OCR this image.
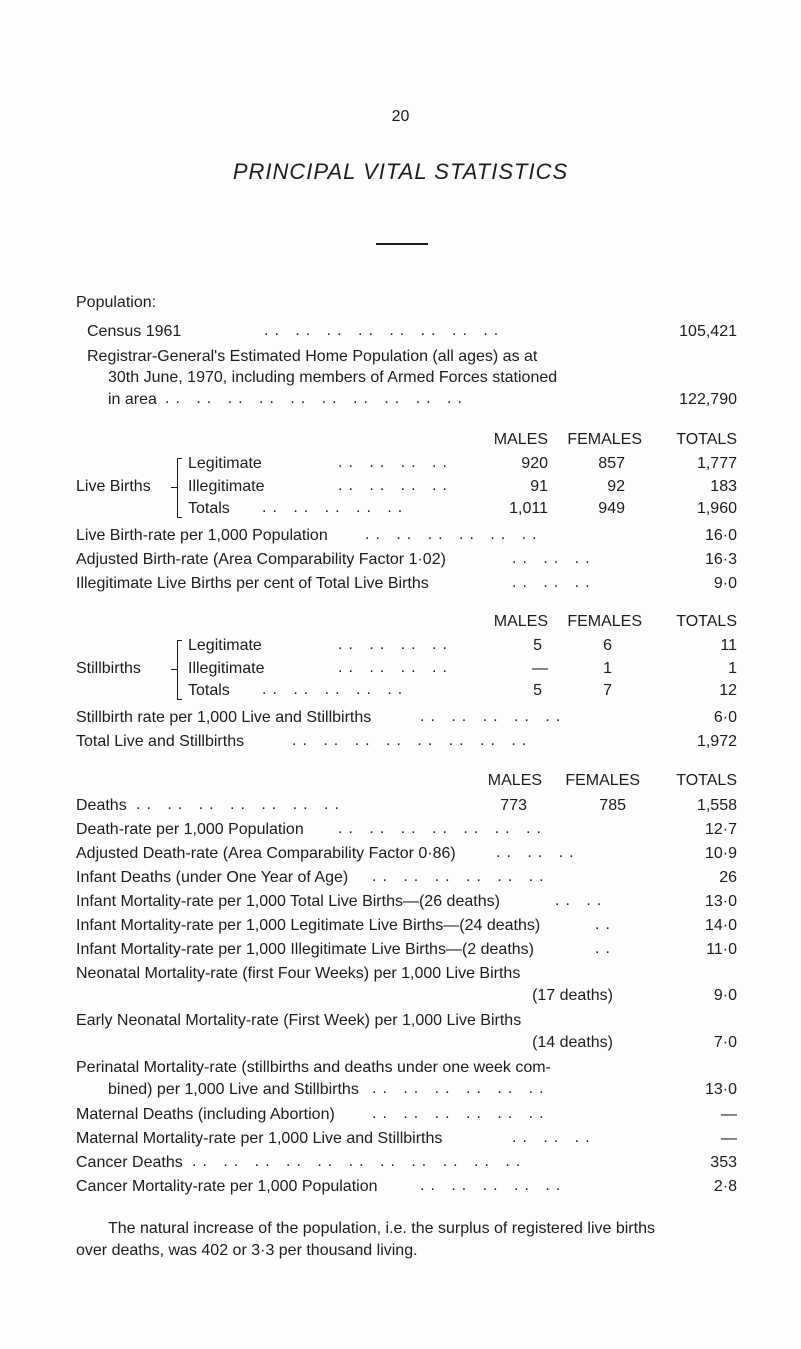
20
PRINCIPAL VITAL STATISTICS
Population:
Census 1961	.. .. .. .. .. .. .. ..	105,421
Registrar-General's Estimated Home Population (all ages) as at
30th June, 1970, including members of Armed Forces stationed
in area .. .. .. .. .. .. .. .. .. ..	122,790
MALES	FEMALES	TOTALS
Live Births
Legitimate	.. .. .. ..	920	857	1,777
Illegitimate	.. .. .. ..	91	92	183
Totals .. .. .. .. ..	1,011	949	1,960
Live Birth-rate per 1,000 Population .. .. .. .. .. ..	16·0
Adjusted Birth-rate (Area Comparability Factor 1·02)	.. .. ..	16·3
Illegitimate Live Births per cent of Total Live Births	.. .. ..	9·0
MALES	FEMALES	TOTALS
Stillbirths
Legitimate	.. .. .. ..	5	6	11
Illegitimate	.. .. .. ..	—	1	1
Totals .. .. .. .. ..	5	7	12
Stillbirth rate per 1,000 Live and Stillbirths	.. .. .. .. ..	6·0
Total Live and Stillbirths	.. .. .. .. .. .. .. ..	1,972
MALES	FEMALES	TOTALS
Deaths .. .. .. .. .. .. ..	773	785	1,558
Death-rate per 1,000 Population .. .. .. .. .. .. ..	12·7
Adjusted Death-rate (Area Comparability Factor 0·86)	.. .. ..	10·9
Infant Deaths (under One Year of Age) .. .. .. .. .. ..	26
Infant Mortality-rate per 1,000 Total Live Births—(26 deaths)	.. ..	13·0
Infant Mortality-rate per 1,000 Legitimate Live Births—(24 deaths)	..	14·0
Infant Mortality-rate per 1,000 Illegitimate Live Births—(2 deaths)	..	11·0
Neonatal Mortality-rate (first Four Weeks) per 1,000 Live Births
(17 deaths)	9·0
Early Neonatal Mortality-rate (First Week) per 1,000 Live Births
(14 deaths)	7·0
Perinatal Mortality-rate (stillbirths and deaths under one week com-
bined) per 1,000 Live and Stillbirths .. .. .. .. .. ..	13·0
Maternal Deaths (including Abortion) .. .. .. .. .. ..	—
Maternal Mortality-rate per 1,000 Live and Stillbirths	.. .. ..	—
Cancer Deaths .. .. .. .. .. .. .. .. .. .. ..	353
Cancer Mortality-rate per 1,000 Population	.. .. .. .. ..	2·8
The natural increase of the population, i.e. the surplus of registered live births
over deaths, was 402 or 3·3 per thousand living.
